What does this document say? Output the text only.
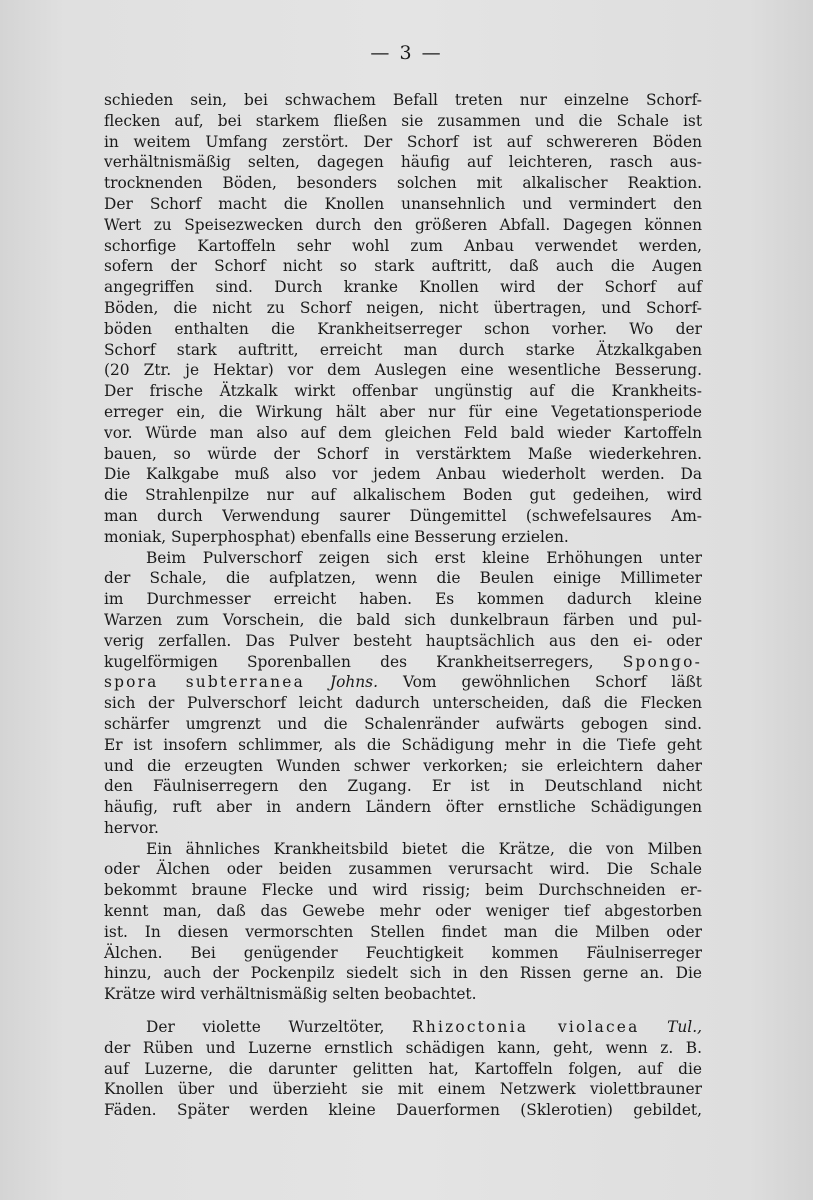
— 3 —

schieden sein, bei schwachem Befall treten nur einzelne Schorf-
flecken auf, bei starkem fließen sie zusammen und die Schale ist
in weitem Umfang zerstört. Der Schorf ist auf schwereren Böden
verhältnismäßig selten, dagegen häufig auf leichteren, rasch aus-
trocknenden Böden, besonders solchen mit alkalischer Reaktion.
Der Schorf macht die Knollen unansehnlich und vermindert den
Wert zu Speisezwecken durch den größeren Abfall. Dagegen können
schorfige Kartoffeln sehr wohl zum Anbau verwendet werden,
sofern der Schorf nicht so stark auftritt, daß auch die Augen
angegriffen sind. Durch kranke Knollen wird der Schorf auf
Böden, die nicht zu Schorf neigen, nicht übertragen, und Schorf-
böden enthalten die Krankheitserreger schon vorher. Wo der
Schorf stark auftritt, erreicht man durch starke Ätzkalkgaben
(20 Ztr. je Hektar) vor dem Auslegen eine wesentliche Besserung.
Der frische Ätzkalk wirkt offenbar ungünstig auf die Krankheits-
erreger ein, die Wirkung hält aber nur für eine Vegetationsperiode
vor. Würde man also auf dem gleichen Feld bald wieder Kartoffeln
bauen, so würde der Schorf in verstärktem Maße wiederkehren.
Die Kalkgabe muß also vor jedem Anbau wiederholt werden. Da
die Strahlenpilze nur auf alkalischem Boden gut gedeihen, wird
man durch Verwendung saurer Düngemittel (schwefelsaures Am-
moniak, Superphosphat) ebenfalls eine Besserung erzielen.

Beim Pulverschorf zeigen sich erst kleine Erhöhungen unter
der Schale, die aufplatzen, wenn die Beulen einige Millimeter
im Durchmesser erreicht haben. Es kommen dadurch kleine
Warzen zum Vorschein, die bald sich dunkelbraun färben und pul-
verig zerfallen. Das Pulver besteht hauptsächlich aus den ei- oder
kugelförmigen Sporenballen des Krankheitserregers, Spongo-
spora subterranea Johns. Vom gewöhnlichen Schorf läßt
sich der Pulverschorf leicht dadurch unterscheiden, daß die Flecken
schärfer umgrenzt und die Schalenränder aufwärts gebogen sind.
Er ist insofern schlimmer, als die Schädigung mehr in die Tiefe geht
und die erzeugten Wunden schwer verkorken; sie erleichtern daher
den Fäulniserregern den Zugang. Er ist in Deutschland nicht
häufig, ruft aber in andern Ländern öfter ernstliche Schädigungen
hervor.

Ein ähnliches Krankheitsbild bietet die Krätze, die von Milben
oder Älchen oder beiden zusammen verursacht wird. Die Schale
bekommt braune Flecke und wird rissig; beim Durchschneiden er-
kennt man, daß das Gewebe mehr oder weniger tief abgestorben
ist. In diesen vermorschten Stellen findet man die Milben oder
Älchen. Bei genügender Feuchtigkeit kommen Fäulniserreger
hinzu, auch der Pockenpilz siedelt sich in den Rissen gerne an. Die
Krätze wird verhältnismäßig selten beobachtet.

Der violette Wurzeltöter, Rhizoctonia violacea Tul.,
der Rüben und Luzerne ernstlich schädigen kann, geht, wenn z. B.
auf Luzerne, die darunter gelitten hat, Kartoffeln folgen, auf die
Knollen über und überzieht sie mit einem Netzwerk violettbrauner
Fäden. Später werden kleine Dauerformen (Sklerotien) gebildet,
